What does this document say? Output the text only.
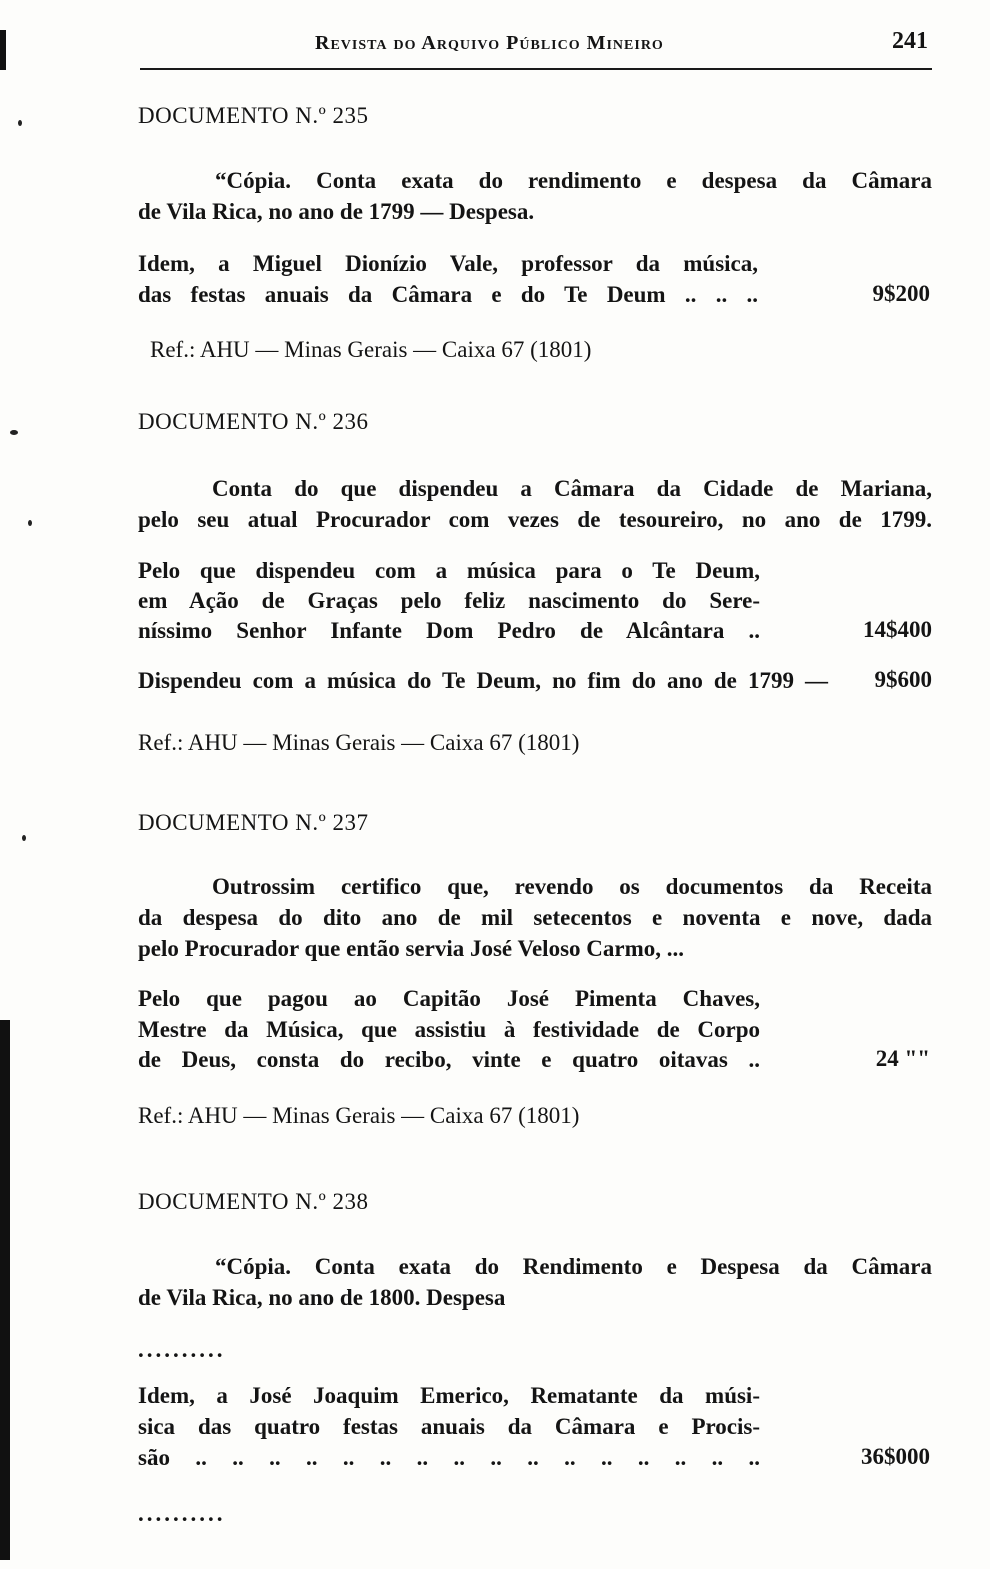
Revista do Arquivo Público Mineiro	241
DOCUMENTO N.º 235
“Cópia. Conta exata do rendimento e despesa da Câmara
de Vila Rica, no ano de 1799 — Despesa.
Idem, a Miguel Dionízio Vale, professor da música,
das festas anuais da Câmara e do Te Deum .. .. ..	9$200
Ref.: AHU — Minas Gerais — Caixa 67 (1801)
DOCUMENTO N.º 236
Conta do que dispendeu a Câmara da Cidade de Mariana,
pelo seu atual Procurador com vezes de tesoureiro, no ano de 1799.
Pelo que dispendeu com a música para o Te Deum,
em Ação de Graças pelo feliz nascimento do Sere-
níssimo Senhor Infante Dom Pedro de Alcântara ..	14$400
Dispendeu com a música do Te Deum, no fim do ano de 1799 — 9$600
Ref.: AHU — Minas Gerais — Caixa 67 (1801)
DOCUMENTO N.º 237
Outrossim certifico que, revendo os documentos da Receita
da despesa do dito ano de mil setecentos e noventa e nove, dada
pelo Procurador que então servia José Veloso Carmo, ...
Pelo que pagou ao Capitão José Pimenta Chaves,
Mestre da Música, que assistiu à festividade de Corpo
de Deus, consta do recibo, vinte e quatro oitavas ..	24 ""
Ref.: AHU — Minas Gerais — Caixa 67 (1801)
DOCUMENTO N.º 238
“Cópia. Conta exata do Rendimento e Despesa da Câmara
de Vila Rica, no ano de 1800. Despesa
..........
Idem, a José Joaquim Emerico, Rematante da músi-
sica das quatro festas anuais da Câmara e Procis-
são .. .. .. .. .. .. .. .. .. .. .. .. .. .. .. ..	36$000
..........
